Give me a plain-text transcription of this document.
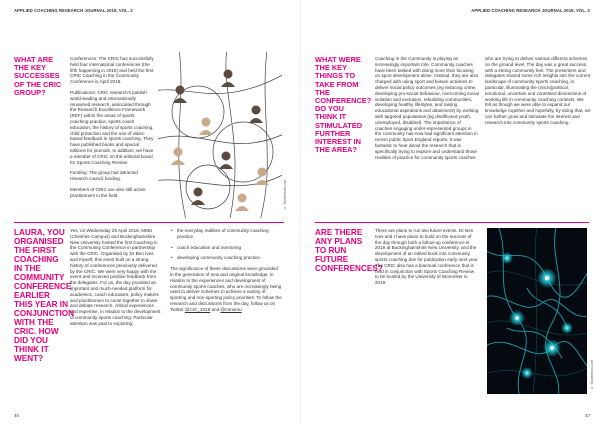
APPLIED COACHING RESEARCH JOURNAL 2019, VOL. 2
WHAT ARE THE KEY SUCCESSES OF THE CRIC GROUP?

Conferences: The CRIC has successfully held four international conferences (the fifth happening in 2019) and held the first CRIC Coaching in the Community Conference in April 2018.

Publications: CRIC research's publish world-leading and internationally renowned research, associated through the Research Excellence Framework (REF) within the areas of sports coaching practice, sports coach education, the history of sports coaching, child protection and the use of video-based feedback in sports coaching. They have published books and special editions for journals. In addition, we have a member of CRIC on the editorial board for Sports Coaching Review.

Funding: The group has attracted research council funding.

Members of CRIC are also still active practitioners in the field.	© Shutterstock.com
LAURA, YOU ORGANISED THE FIRST COACHING IN THE COMMUNITY CONFERENCE EARLIER THIS YEAR IN CONJUNCTION WITH THE CRIC. HOW DID YOU THINK IT WENT?

Yes, on Wednesday 25 April 2018, MMU (Cheshire Campus) and Buckinghamshire New University hosted the first Coaching in the Community Conference in partnership with the CRIC. Organised by Dr Ben Ives and myself, this event built on a strong history of conferences previously delivered by the CRIC. We were very happy with the event and received positive feedback from the delegates. For us, the day provided an important and much-needed platform for academics, coach educators, policy makers and practitioners to come together to share and debate research, critical experiences and expertise, in relation to the development of community sports coaching. Particular attention was paid to exploring:

• the everyday realities of community coaching practice
• coach education and mentoring
• developing community coaching practice.

The significance of these discussions were grounded in the generation of new and original knowledge, in relation to the experiences and development of community sports coaches, who are increasingly being used to deliver schemes to achieve a variety of sporting and non-sporting policy priorities. To follow the research and discussions from the day, follow us on Twitter @CIC_2018 and @mmumu

46
APPLIED COACHING RESEARCH JOURNAL 2019, VOL. 2
WHAT WERE THE KEY THINGS TO TAKE FROM THE CONFERENCE? DO YOU THINK IT STIMULATED FURTHER INTEREST IN THE AREA?

Coaching in the Community is playing an increasingly important role. Community coaches have been tasked with doing more than focusing on sport development alone. Instead, they are also charged with using sport and leisure activities to deliver social policy outcomes (eg reducing crime, developing pro-social behaviour, overcoming social isolation and exclusion, rebuilding communities, developing healthy lifestyles, and raising educational aspirations and attainment) by working with targeted populations (eg disaffected youth, unemployed, disabled). The importance of coaches engaging under-represented groups in the community has now had significant attention in recent public Sport England reports. It was fantastic to hear about the research that is specifically trying to explore and understand those realities of practice for community sports coaches

who are trying to deliver various different schemes on the ground level. The day was a great success, with a strong community feel. The presenters and delegates shared some rich insights into the current landscape of community sports coaching, in particular, illuminating the (micro)political, emotional, uncertain and contested dimensions of working life in community coaching contexts. We felt as though we were able to expand our knowledge together and hopefully, by doing that, we can further grow and stimulate the interest and research into community sports coaching.

ARE THERE ANY PLANS TO RUN FUTURE CONFERENCES?

There are plans to run two future events. Dr Ben Ives and I have plans to build on the success of the day through both a follow-up conference in 2019 at Buckinghamshire New University, and the development of an edited book into community sports coaching due for publication early next year. The CRIC also has a biannual conference that is held in conjunction with Sports Coaching Review to be hosted by the University of Worcester in 2019.

© Shutterstock.com
47
